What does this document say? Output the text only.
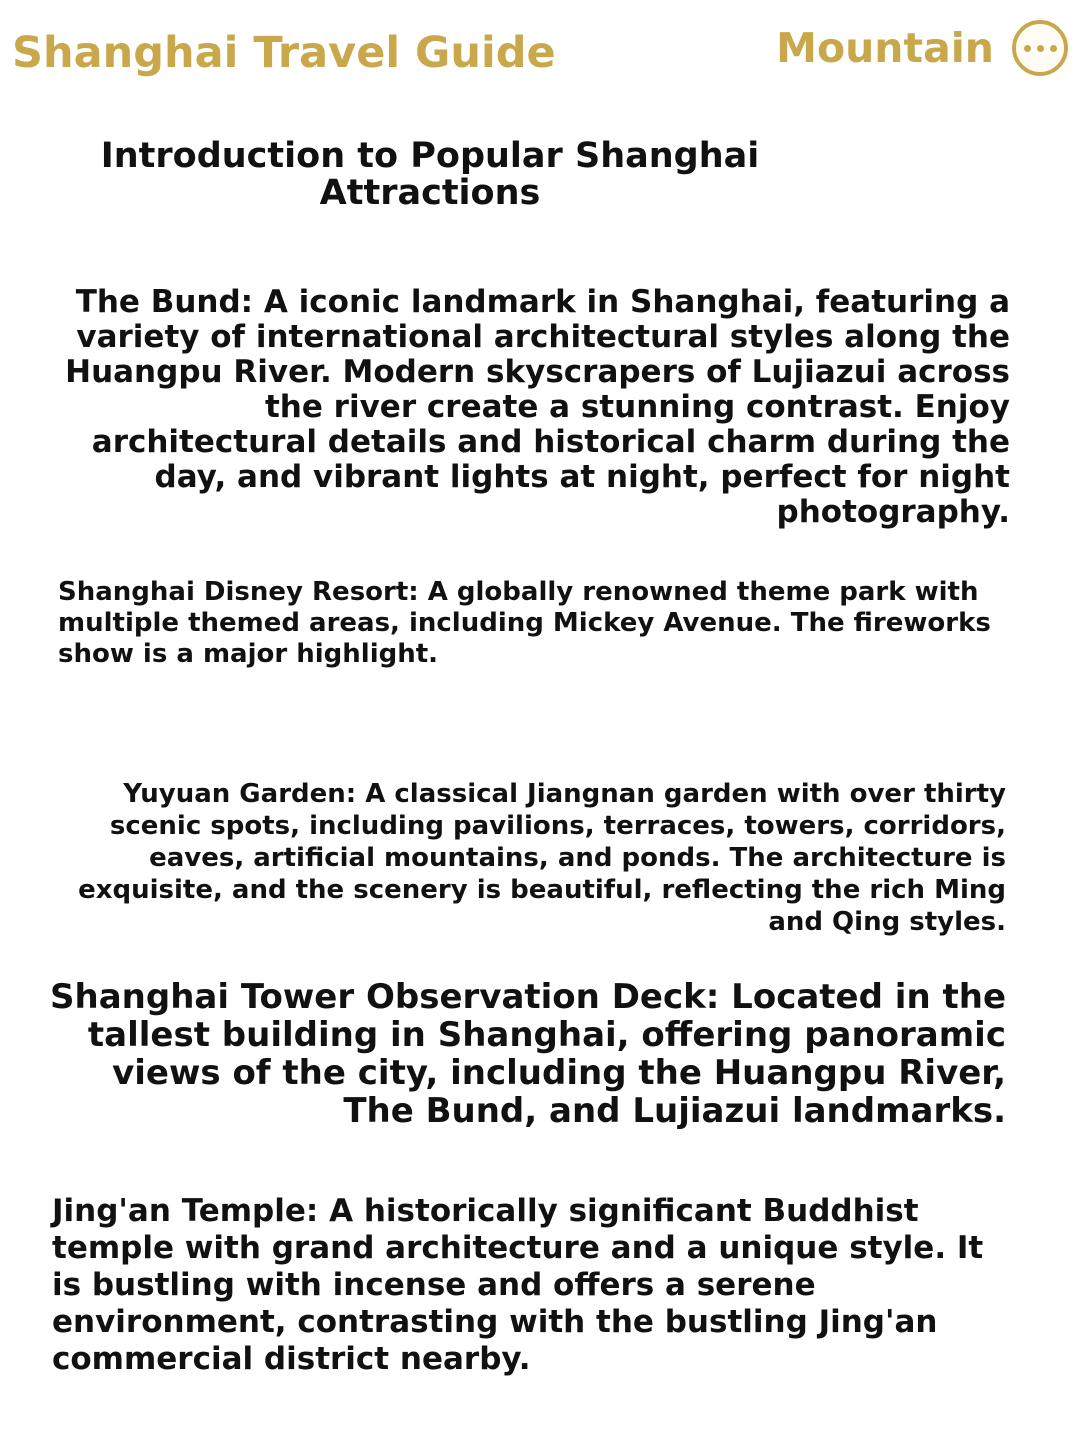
Shanghai Travel Guide	Mountain
Introduction to Popular Shanghai Attractions
The Bund: A iconic landmark in Shanghai, featuring a variety of international architectural styles along the Huangpu River. Modern skyscrapers of Lujiazui across the river create a stunning contrast. Enjoy architectural details and historical charm during the day, and vibrant lights at night, perfect for night photography.
Shanghai Disney Resort: A globally renowned theme park with multiple themed areas, including Mickey Avenue. The fireworks show is a major highlight.
Yuyuan Garden: A classical Jiangnan garden with over thirty scenic spots, including pavilions, terraces, towers, corridors, eaves, artificial mountains, and ponds. The architecture is exquisite, and the scenery is beautiful, reflecting the rich Ming and Qing styles.
Shanghai Tower Observation Deck: Located in the tallest building in Shanghai, offering panoramic views of the city, including the Huangpu River, The Bund, and Lujiazui landmarks.
Jing'an Temple: A historically significant Buddhist temple with grand architecture and a unique style. It is bustling with incense and offers a serene environment, contrasting with the bustling Jing'an commercial district nearby.
